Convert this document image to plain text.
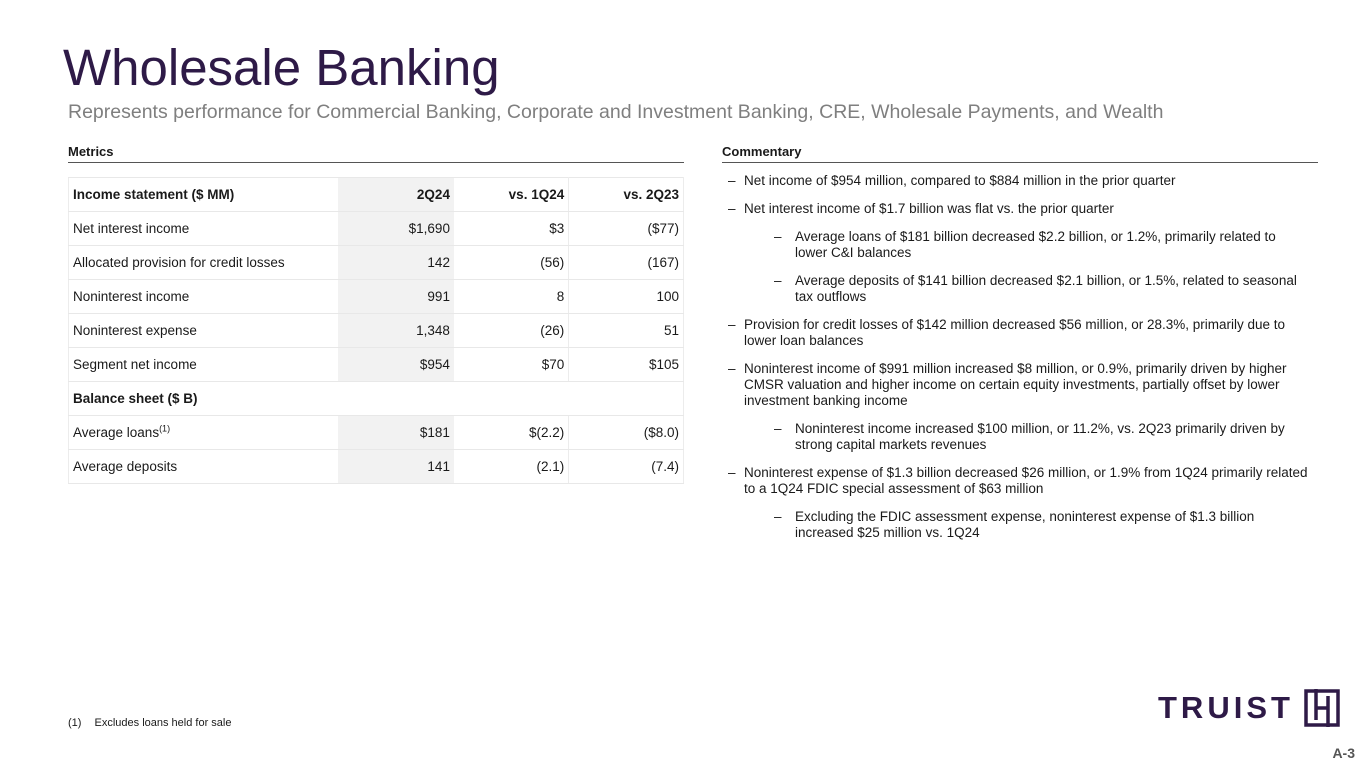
Wholesale Banking
Represents performance for Commercial Banking, Corporate and Investment Banking, CRE, Wholesale Payments, and Wealth
Metrics	Commentary
Income statement ($ MM)	2Q24	vs. 1Q24	vs. 2Q23
Net interest income	$1,690	$3	($77)
Allocated provision for credit losses	142	(56)	(167)
Noninterest income	991	8	100
Noninterest expense	1,348	(26)	51
Segment net income	$954	$70	$105
Balance sheet ($ B)			
Average loans$^{(1)}$	$181	$(2.2)	($8.0)
Average deposits	141	(2.1)	(7.4)
– Net income of $954 million, compared to $884 million in the prior quarter
– Net interest income of $1.7 billion was flat vs. the prior quarter
– Average loans of $181 billion decreased $2.2 billion, or 1.2%, primarily related to lower C&I balances
– Average deposits of $141 billion decreased $2.1 billion, or 1.5%, related to seasonal tax outflows
– Provision for credit losses of $142 million decreased $56 million, or 28.3%, primarily due to lower loan balances
– Noninterest income of $991 million increased $8 million, or 0.9%, primarily driven by higher CMSR valuation and higher income on certain equity investments, partially offset by lower investment banking income
– Noninterest income increased $100 million, or 11.2%, vs. 2Q23 primarily driven by strong capital markets revenues
– Noninterest expense of $1.3 billion decreased $26 million, or 1.9% from 1Q24 primarily related to a 1Q24 FDIC special assessment of $63 million
– Excluding the FDIC assessment expense, noninterest expense of $1.3 billion increased $25 million vs. 1Q24
(1) Excludes loans held for sale	TRUIST
A-3
